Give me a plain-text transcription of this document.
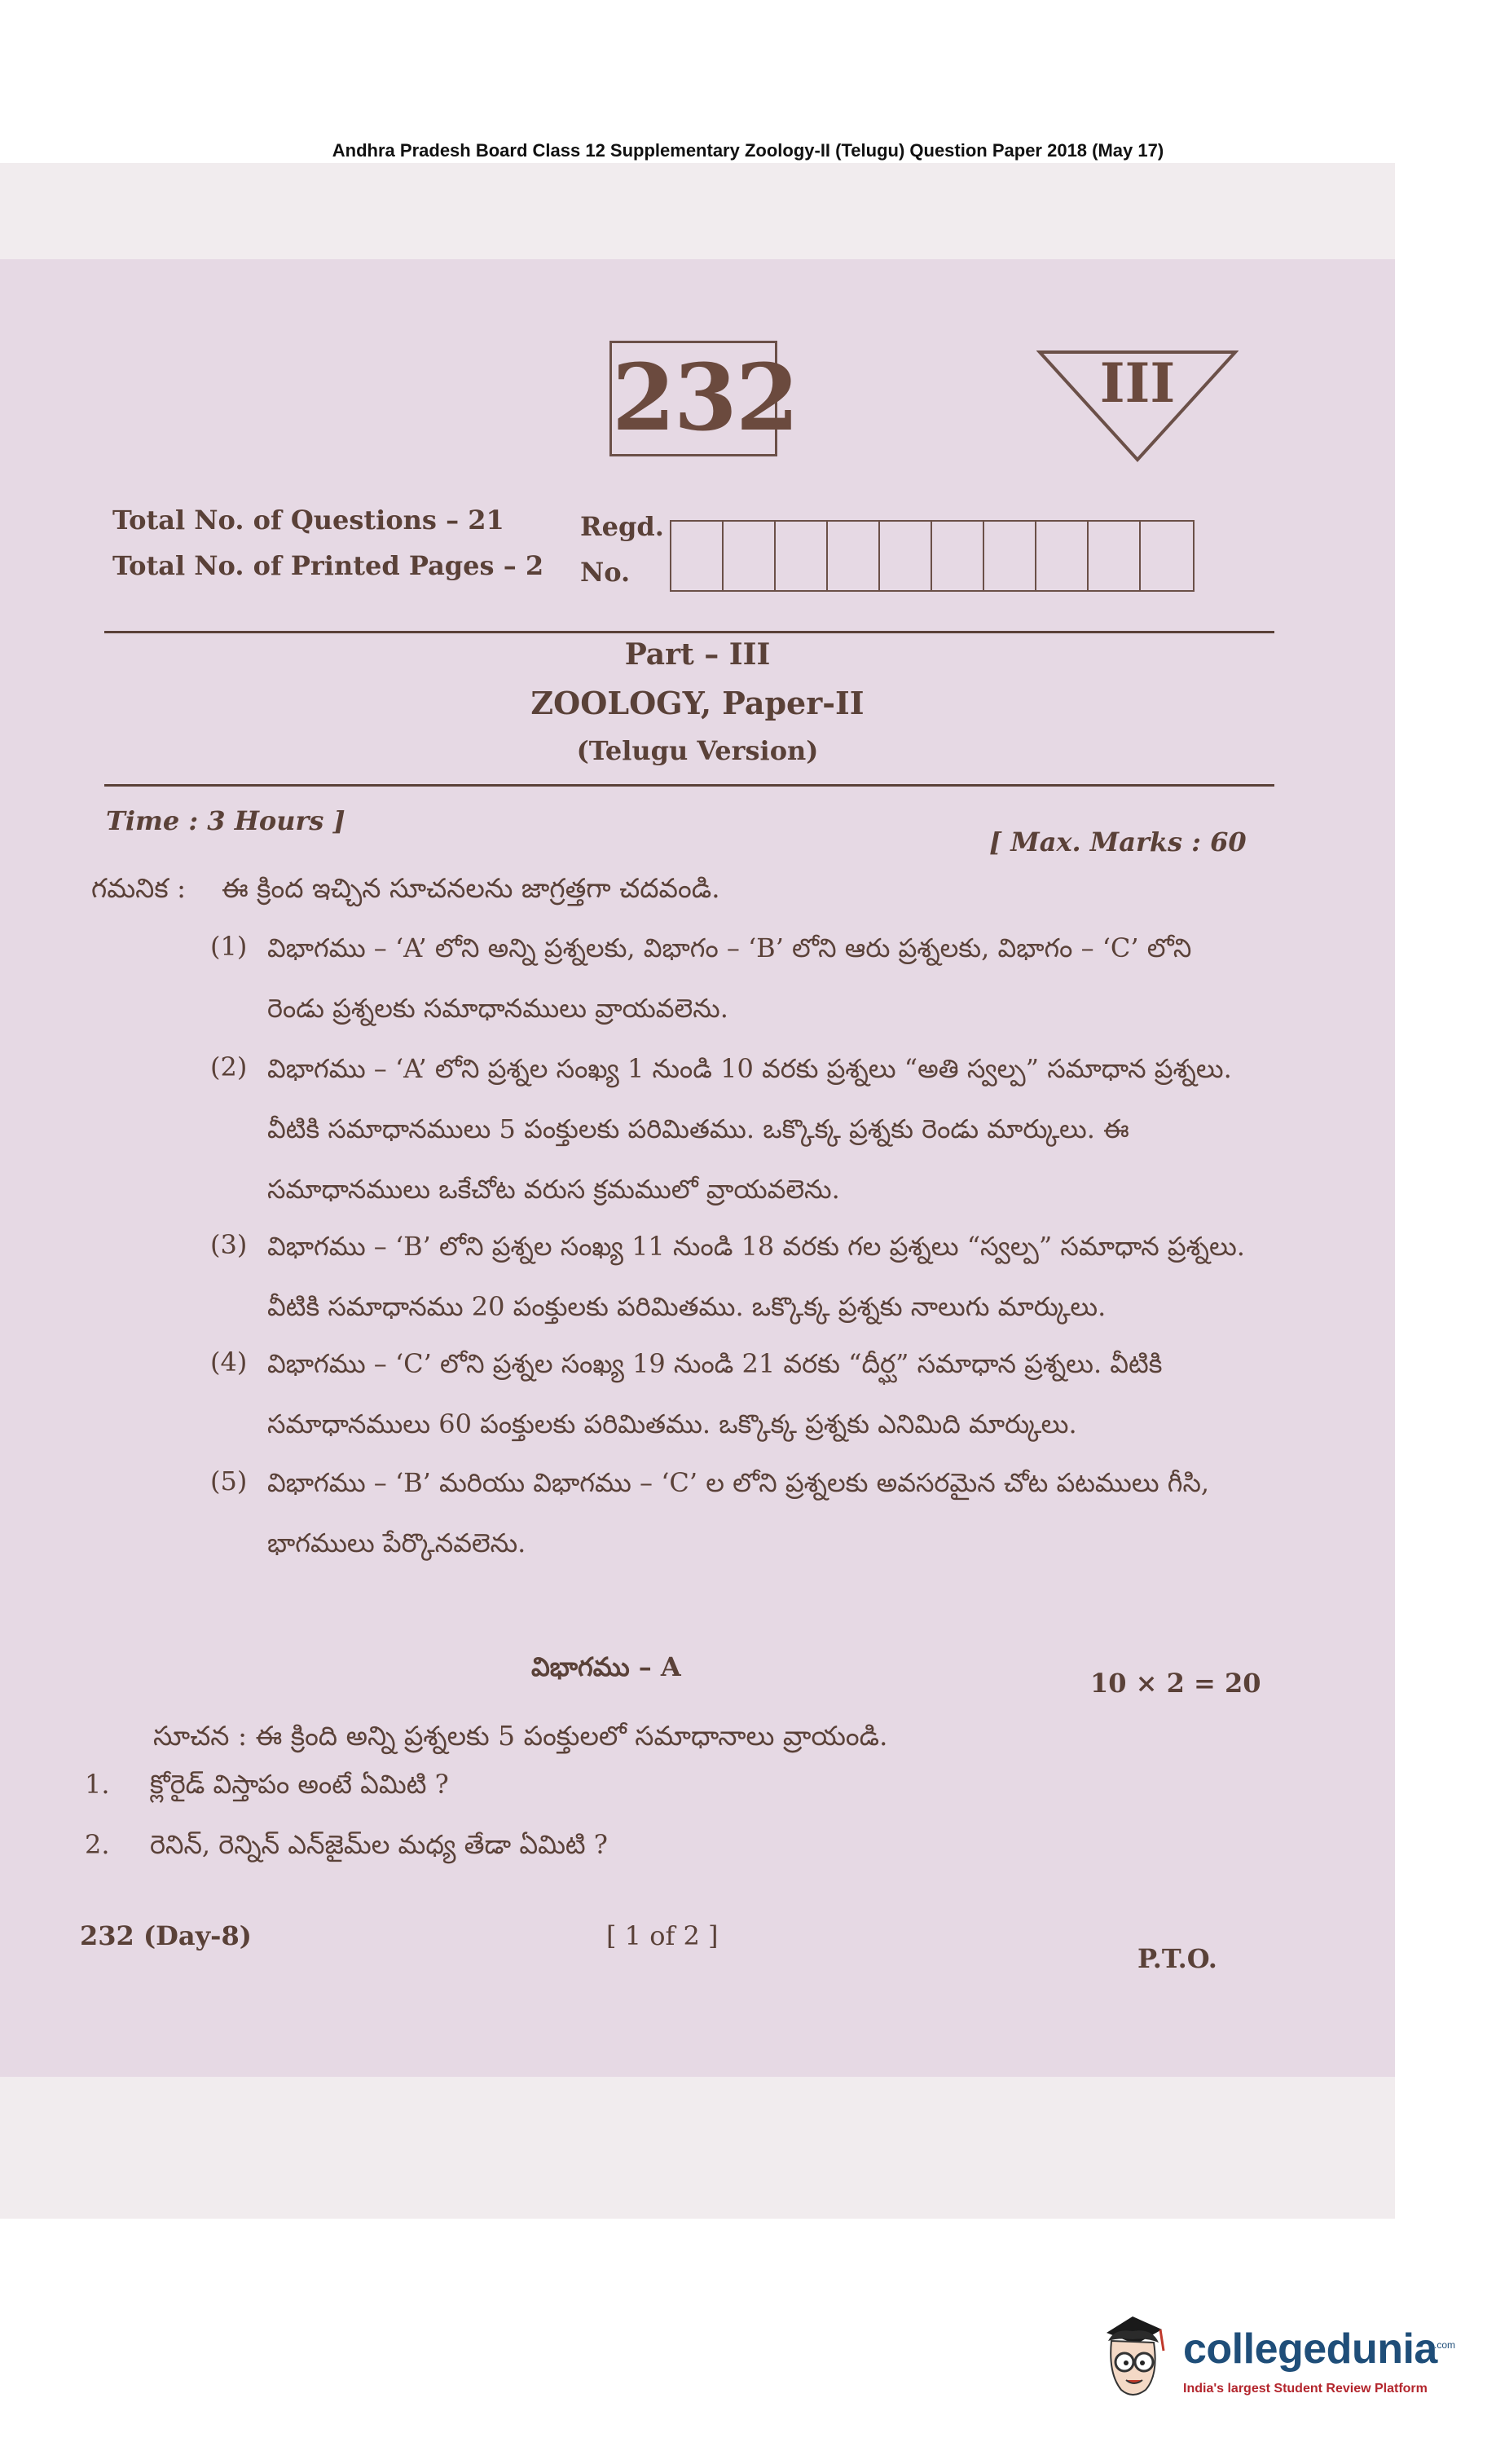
Andhra Pradesh Board Class 12 Supplementary Zoology-II (Telugu) Question Paper 2018 (May 17)
232	III
Total No. of Questions – 21
Total No. of Printed Pages – 2
Regd.
No.
Part – III
ZOOLOGY, Paper-II
(Telugu Version)
Time : 3 Hours ]
[ Max. Marks : 60
గమనిక : ఈ క్రింద ఇచ్చిన సూచనలను జాగ్రత్తగా చదవండి.
(1) విభాగము – ‘A’ లోని అన్ని ప్రశ్నలకు, విభాగం – ‘B’ లోని ఆరు ప్రశ్నలకు, విభాగం – ‘C’ లోని రెండు ప్రశ్నలకు సమాధానములు వ్రాయవలెను.
(2) విభాగము – ‘A’ లోని ప్రశ్నల సంఖ్య 1 నుండి 10 వరకు ప్రశ్నలు “అతి స్వల్ప” సమాధాన ప్రశ్నలు. వీటికి సమాధానములు 5 పంక్తులకు పరిమితము. ఒక్కొక్క ప్రశ్నకు రెండు మార్కులు. ఈ సమాధానములు ఒకేచోట వరుస క్రమములో వ్రాయవలెను.
(3) విభాగము – ‘B’ లోని ప్రశ్నల సంఖ్య 11 నుండి 18 వరకు గల ప్రశ్నలు “స్వల్ప” సమాధాన ప్రశ్నలు. వీటికి సమాధానము 20 పంక్తులకు పరిమితము. ఒక్కొక్క ప్రశ్నకు నాలుగు మార్కులు.
(4) విభాగము – ‘C’ లోని ప్రశ్నల సంఖ్య 19 నుండి 21 వరకు “దీర్ఘ” సమాధాన ప్రశ్నలు. వీటికి సమాధానములు 60 పంక్తులకు పరిమితము. ఒక్కొక్క ప్రశ్నకు ఎనిమిది మార్కులు.
(5) విభాగము – ‘B’ మరియు విభాగము – ‘C’ ల లోని ప్రశ్నలకు అవసరమైన చోట పటములు గీసి, భాగములు పేర్కొనవలెను.
విభాగము – A
10 × 2 = 20
సూచన : ఈ క్రింది అన్ని ప్రశ్నలకు 5 పంక్తులలో సమాధానాలు వ్రాయండి.
1. క్లోరైడ్ విస్తాపం అంటే ఏమిటి ?
2. రెనిన్, రెన్నిన్ ఎన్‌జైమ్‌ల మధ్య తేడా ఏమిటి ?
232 (Day-8)	[ 1 of 2 ]
P.T.O.
collegedunia
.com
India's largest Student Review Platform
